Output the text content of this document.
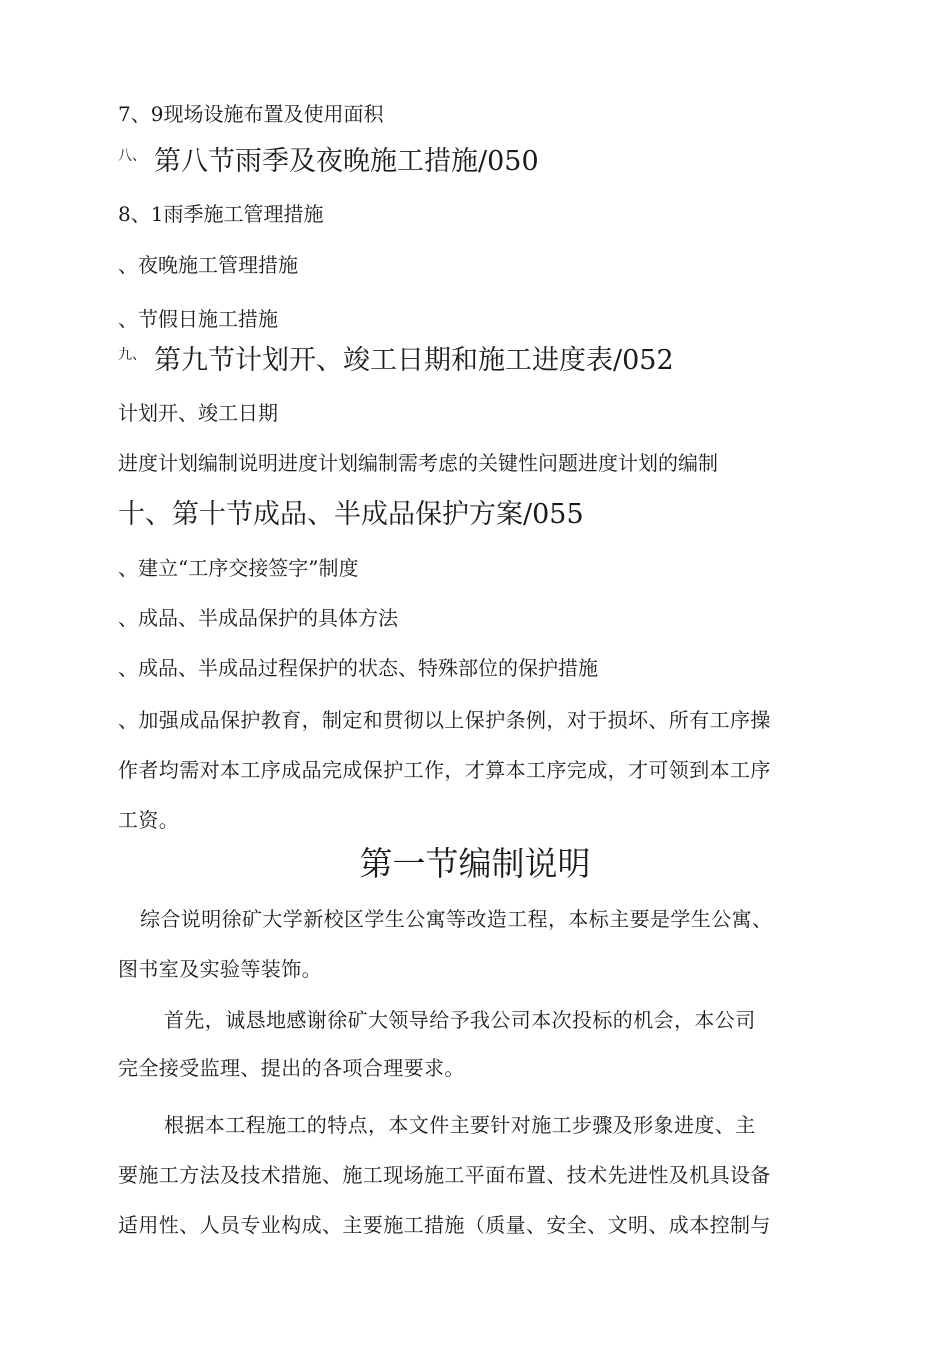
7、9现场设施布置及使用面积
$^{八、}$ 第八节雨季及夜晚施工措施/050
8、1雨季施工管理措施
、夜晚施工管理措施
、节假日施工措施
$^{九、}$ 第九节计划开、竣工日期和施工进度表/052
计划开、竣工日期
进度计划编制说明进度计划编制需考虑的关键性问题进度计划的编制
十、第十节成品、半成品保护方案/055
、建立“工序交接签字”制度
、成品、半成品保护的具体方法
、成品、半成品过程保护的状态、特殊部位的保护措施
、加强成品保护教育，制定和贯彻以上保护条例，对于损坏、所有工序操
作者均需对本工序成品完成保护工作，才算本工序完成，才可领到本工序
工资。
第一节编制说明
综合说明徐矿大学新校区学生公寓等改造工程，本标主要是学生公寓、
图书室及实验等装饰。
首先，诚恳地感谢徐矿大领导给予我公司本次投标的机会，本公司
完全接受监理、提出的各项合理要求。
根据本工程施工的特点，本文件主要针对施工步骤及形象进度、主
要施工方法及技术措施、施工现场施工平面布置、技术先进性及机具设备
适用性、人员专业构成、主要施工措施（质量、安全、文明、成本控制与
